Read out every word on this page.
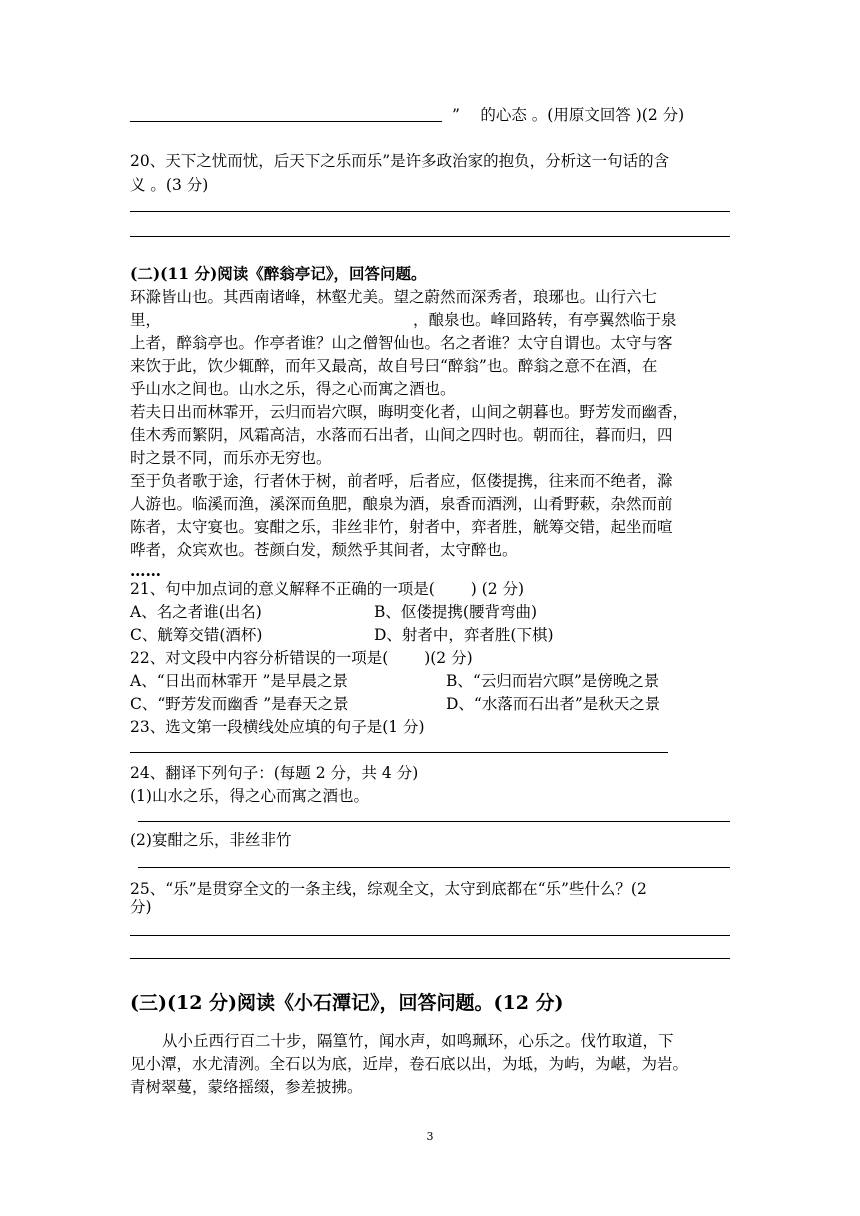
”　 的心态 。(用原文回答 )(2 分)
20、天下之忧而忧，后天下之乐而乐”是许多政治家的抱负，分析这一句话的含
义 。(3 分)
(二)(11 分)阅读《醉翁亭记》，回答问题。
环滁皆山也。其西南诸峰，林壑尤美。望之蔚然而深秀者，琅琊也。山行六七
里，	，酿泉也。峰回路转，有亭翼然临于泉
上者，醉翁亭也。作亭者谁？山之僧智仙也。名之者谁？太守自谓也。太守与客
来饮于此，饮少辄醉，而年又最高，故自号曰“醉翁”也。醉翁之意不在酒，在
乎山水之间也。山水之乐，得之心而寓之酒也。
若夫日出而林霏开，云归而岩穴暝，晦明变化者，山间之朝暮也。野芳发而幽香，
佳木秀而繁阴，风霜高洁，水落而石出者，山间之四时也。朝而往，暮而归，四
时之景不同，而乐亦无穷也。
至于负者歌于途，行者休于树，前者呼，后者应，伛偻提携，往来而不绝者，滁
人游也。临溪而渔，溪深而鱼肥，酿泉为酒，泉香而酒洌，山肴野蔌，杂然而前
陈者，太守宴也。宴酣之乐，非丝非竹，射者中，弈者胜，觥筹交错，起坐而喧
哗者，众宾欢也。苍颜白发，颓然乎其间者，太守醉也。
……
21、句中加点词的意义解释不正确的一项是(　　 ) (2 分)
A、名之者谁(出名)	B、伛偻提携(腰背弯曲)
C、觥筹交错(酒杯)	D、射者中，弈者胜(下棋)
22、对文段中内容分析错误的一项是(　　 )(2 分)
A、“日出而林霏开 ”是早晨之景	B、“云归而岩穴暝”是傍晚之景
C、“野芳发而幽香 ”是春天之景	D、“水落而石出者”是秋天之景
23、选文第一段横线处应填的句子是(1 分)
24、翻译下列句子：(每题 2 分，共 4 分)
(1)山水之乐，得之心而寓之酒也。
(2)宴酣之乐，非丝非竹
25、“乐”是贯穿全文的一条主线，综观全文，太守到底都在“乐”些什么？(2
分)
(三)(12 分)阅读《小石潭记》，回答问题。(12 分)
从小丘西行百二十步，隔篁竹，闻水声，如鸣珮环，心乐之。伐竹取道，下
见小潭，水尤清洌。全石以为底，近岸，卷石底以出，为坻，为屿，为嵁，为岩。
青树翠蔓，蒙络摇缀，参差披拂。
3
